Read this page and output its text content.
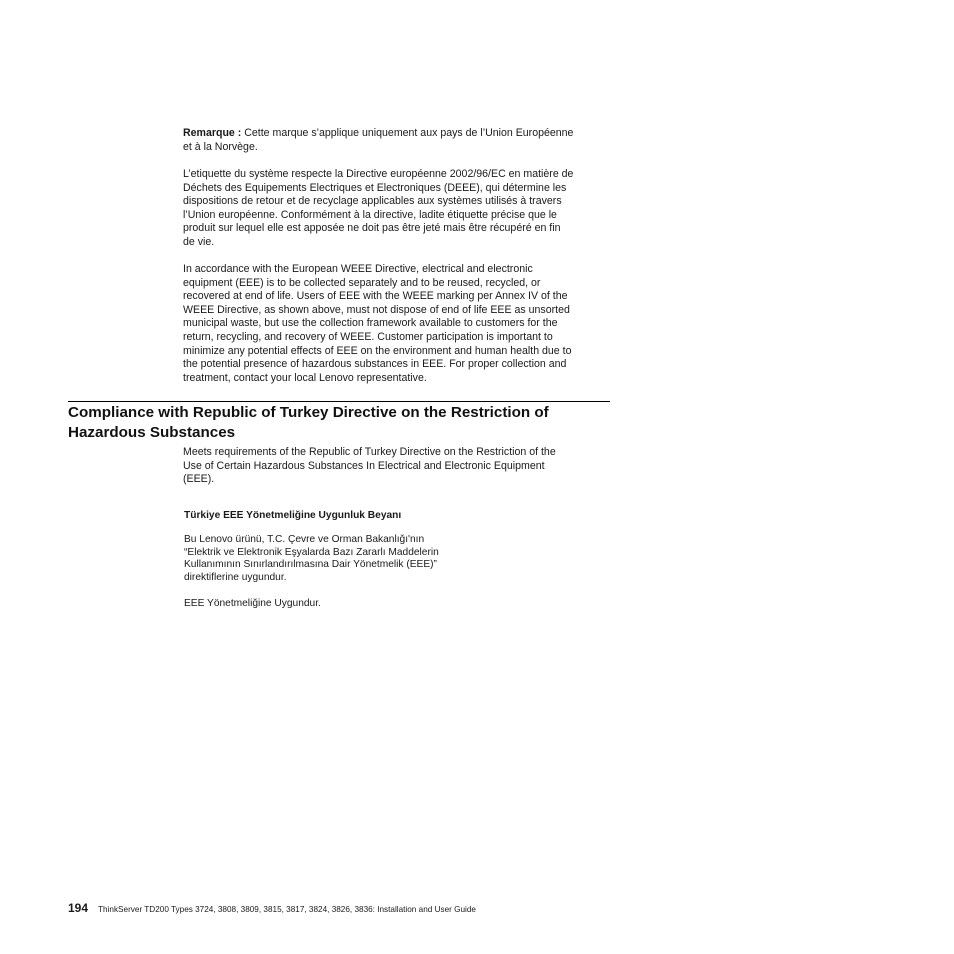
Remarque : Cette marque s’applique uniquement aux pays de l’Union Européenne
et à la Norvège.

L’etiquette du système respecte la Directive européenne 2002/96/EC en matière de
Déchets des Equipements Electriques et Electroniques (DEEE), qui détermine les
dispositions de retour et de recyclage applicables aux systèmes utilisés à travers
l’Union européenne. Conformément à la directive, ladite étiquette précise que le
produit sur lequel elle est apposée ne doit pas être jeté mais être récupéré en fin
de vie.

In accordance with the European WEEE Directive, electrical and electronic
equipment (EEE) is to be collected separately and to be reused, recycled, or
recovered at end of life. Users of EEE with the WEEE marking per Annex IV of the
WEEE Directive, as shown above, must not dispose of end of life EEE as unsorted
municipal waste, but use the collection framework available to customers for the
return, recycling, and recovery of WEEE. Customer participation is important to
minimize any potential effects of EEE on the environment and human health due to
the potential presence of hazardous substances in EEE. For proper collection and
treatment, contact your local Lenovo representative.

Compliance with Republic of Turkey Directive on the Restriction of
Hazardous Substances

Meets requirements of the Republic of Turkey Directive on the Restriction of the
Use of Certain Hazardous Substances In Electrical and Electronic Equipment
(EEE).

Türkiye EEE Yönetmeliğine Uygunluk Beyanı

Bu Lenovo ürünü, T.C. Çevre ve Orman Bakanlığı'nın
“Elektrik ve Elektronik Eşyalarda Bazı Zararlı Maddelerin
Kullanımının Sınırlandırılmasına Dair Yönetmelik (EEE)”
direktiflerine uygundur.

EEE Yönetmeliğine Uygundur.

194 ThinkServer TD200 Types 3724, 3808, 3809, 3815, 3817, 3824, 3826, 3836: Installation and User Guide
